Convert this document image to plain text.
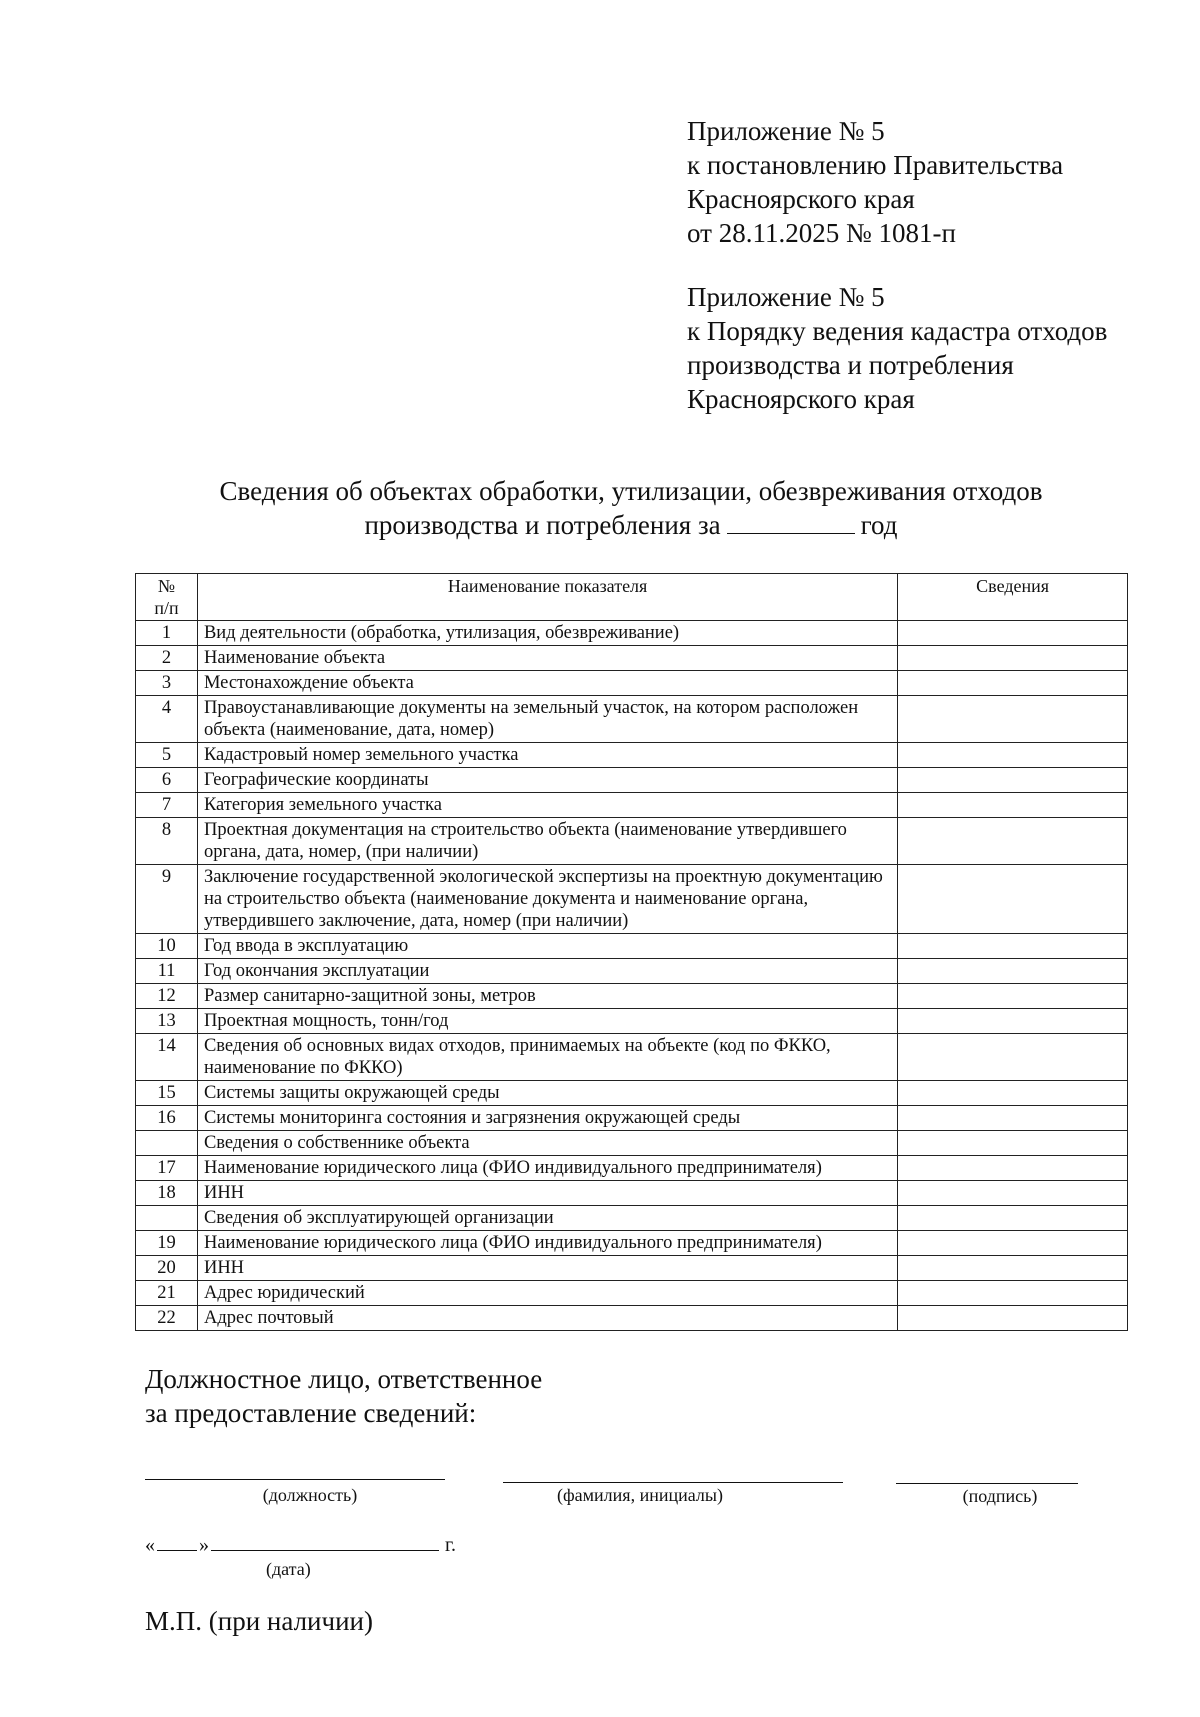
Приложение № 5
к постановлению Правительства
Красноярского края
от 28.11.2025 № 1081-п
Приложение № 5
к Порядку ведения кадастра отходов
производства и потребления
Красноярского края
Сведения об объектах обработки, утилизации, обезвреживания отходов
производства и потребления за	год
№
п/п	Наименование показателя	Сведения
1	Вид деятельности (обработка, утилизация, обезвреживание)	
2	Наименование объекта	
3	Местонахождение объекта	
4	Правоустанавливающие документы на земельный участок, на котором расположен объекта (наименование, дата, номер)	
5	Кадастровый номер земельного участка	
6	Географические координаты	
7	Категория земельного участка	
8	Проектная документация на строительство объекта (наименование утвердившего органа, дата, номер, (при наличии)	
9	Заключение государственной экологической экспертизы на проектную документацию на строительство объекта (наименование документа и наименование органа, утвердившего заключение, дата, номер (при наличии)	
10	Год ввода в эксплуатацию	
11	Год окончания эксплуатации	
12	Размер санитарно-защитной зоны, метров	
13	Проектная мощность, тонн/год	
14	Сведения об основных видах отходов, принимаемых на объекте (код по ФККО, наименование по ФККО)	
15	Системы защиты окружающей среды	
16	Системы мониторинга состояния и загрязнения окружающей среды	
	Сведения о собственнике объекта	
17	Наименование юридического лица (ФИО индивидуального предпринимателя)	
18	ИНН	
	Сведения об эксплуатирующей организации	
19	Наименование юридического лица (ФИО индивидуального предпринимателя)	
20	ИНН	
21	Адрес юридический	
22	Адрес почтовый	
Должностное лицо, ответственное
за предоставление сведений:
(должность)	(фамилия, инициалы)	(подпись)
« »	г.
(дата)
М.П. (при наличии)
